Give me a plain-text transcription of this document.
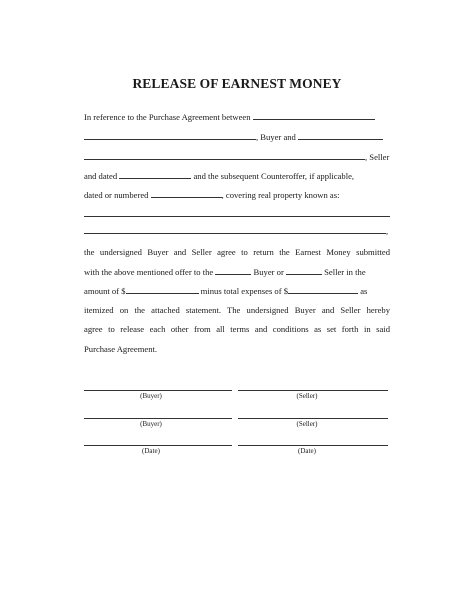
RELEASE OF EARNEST MONEY
In reference to the Purchase Agreement between
, Buyer and
, Seller
and dated	and the subsequent Counteroffer, if applicable,
dated or numbered	, covering real property known as:
,
the undersigned Buyer and Seller agree to return the Earnest Money submitted
with the above mentioned offer to the	Buyer or	Seller in the
amount of $	minus total expenses of $	as
itemized on the attached statement. The undersigned Buyer and Seller hereby
agree to release each other from all terms and conditions as set forth in said
Purchase Agreement.
(Buyer)	(Seller)
(Buyer)	(Seller)
(Date)	(Date)
